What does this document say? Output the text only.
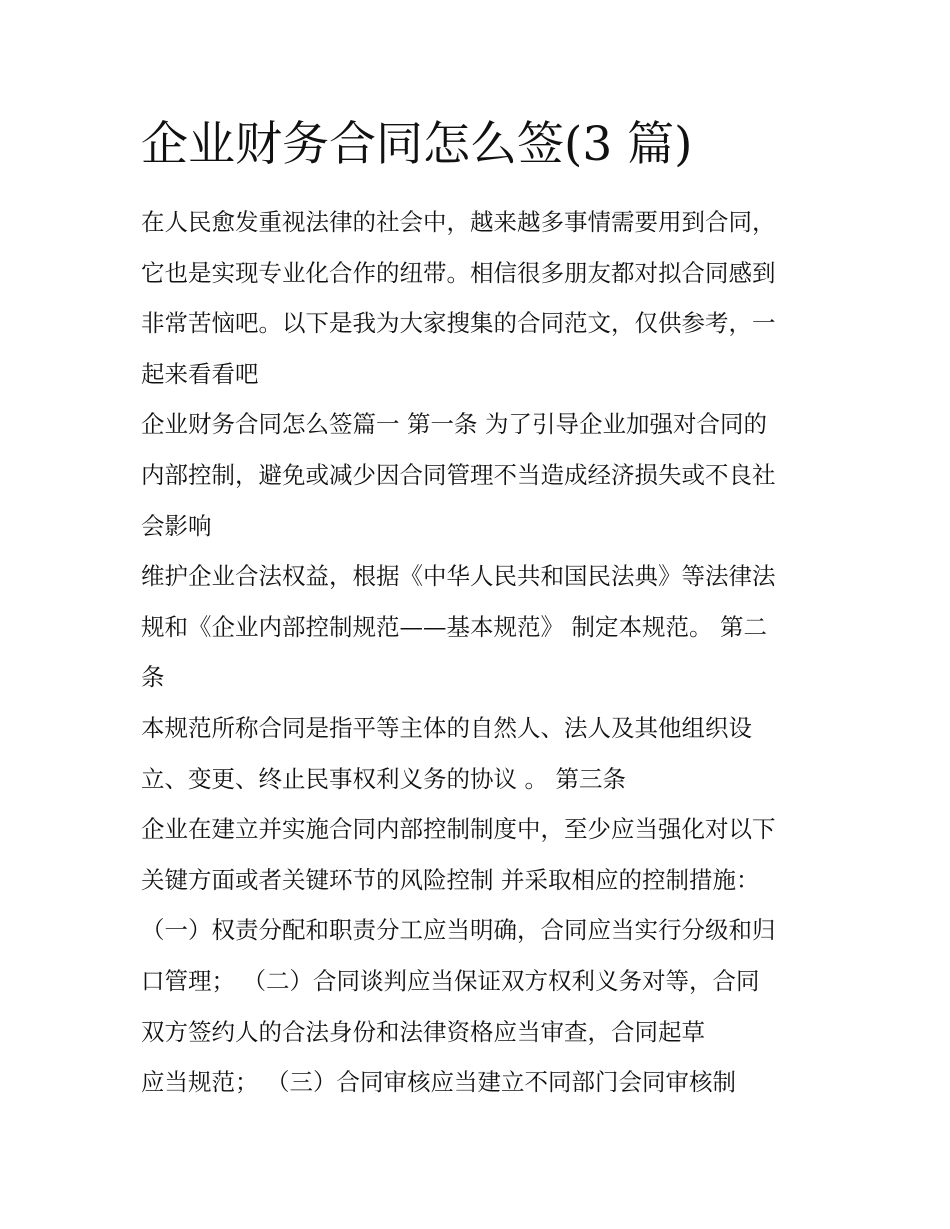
企业财务合同怎么签(3 篇)
在人民愈发重视法律的社会中，越来越多事情需要用到合同，
它也是实现专业化合作的纽带。相信很多朋友都对拟合同感到
非常苦恼吧。以下是我为大家搜集的合同范文，仅供参考，一
起来看看吧
企业财务合同怎么签篇一 第一条 为了引导企业加强对合同的
内部控制，避免或减少因合同管理不当造成经济损失或不良社
会影响
维护企业合法权益，根据《中华人民共和国民法典》等法律法
规和《企业内部控制规范——基本规范》 制定本规范。 第二
条
本规范所称合同是指平等主体的自然人、法人及其他组织设
立、变更、终止民事权利义务的协议 。 第三条
企业在建立并实施合同内部控制制度中，至少应当强化对以下
关键方面或者关键环节的风险控制 并采取相应的控制措施：
（一）权责分配和职责分工应当明确，合同应当实行分级和归
口管理； （二）合同谈判应当保证双方权利义务对等，合同
双方签约人的合法身份和法律资格应当审查，合同起草
应当规范； （三）合同审核应当建立不同部门会同审核制
